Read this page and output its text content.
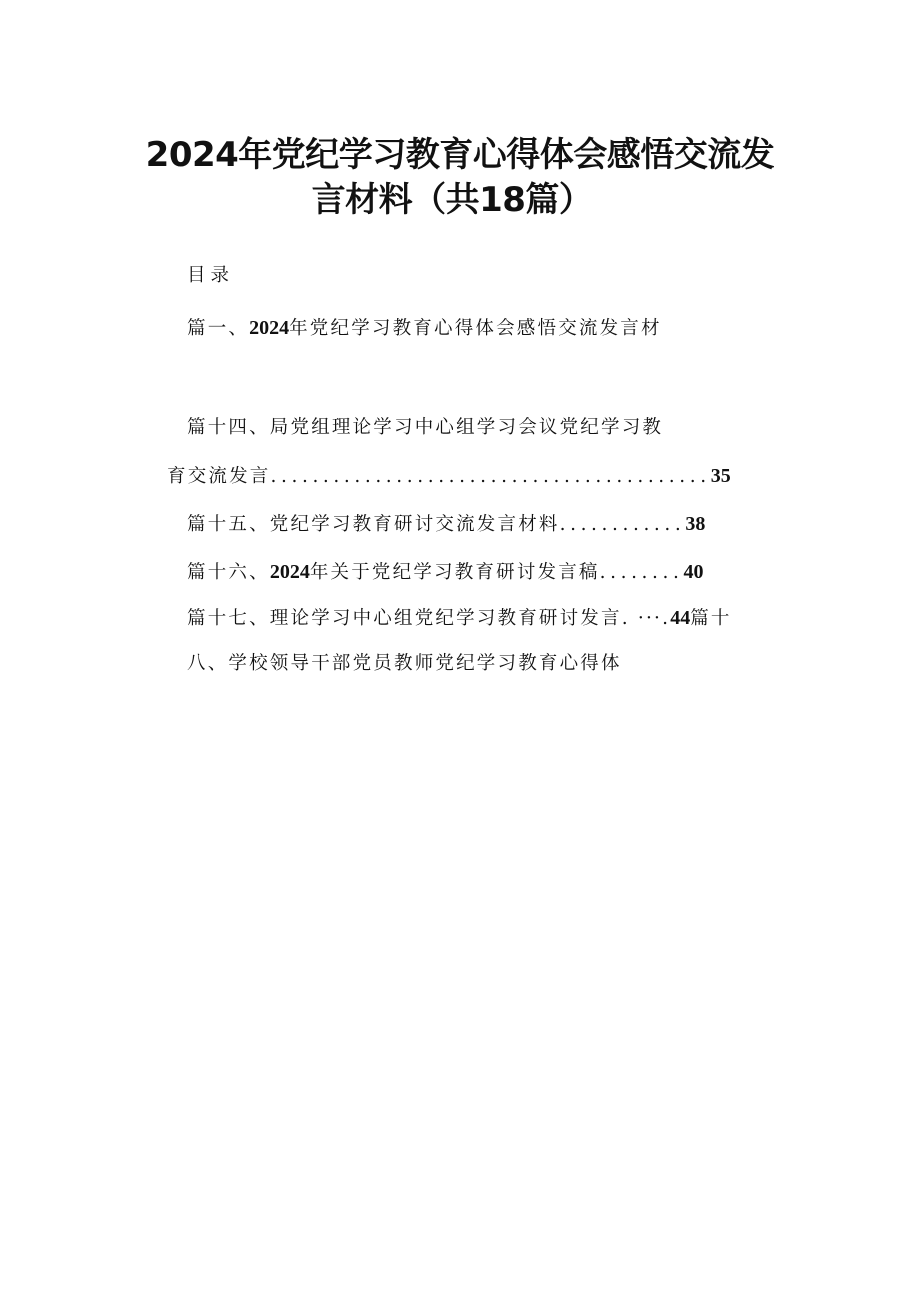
2024年党纪学习教育心得体会感悟交流发
言材料（共18篇）
目录
篇一、2024年党纪学习教育心得体会感悟交流发言材
篇十四、局党组理论学习中心组学习会议党纪学习教
育交流发言..........................................35
篇十五、党纪学习教育研讨交流发言材料............38
篇十六、2024年关于党纪学习教育研讨发言稿........40
篇十七、理论学习中心组党纪学习教育研讨发言. ···.44篇十
八、学校领导干部党员教师党纪学习教育心得体
